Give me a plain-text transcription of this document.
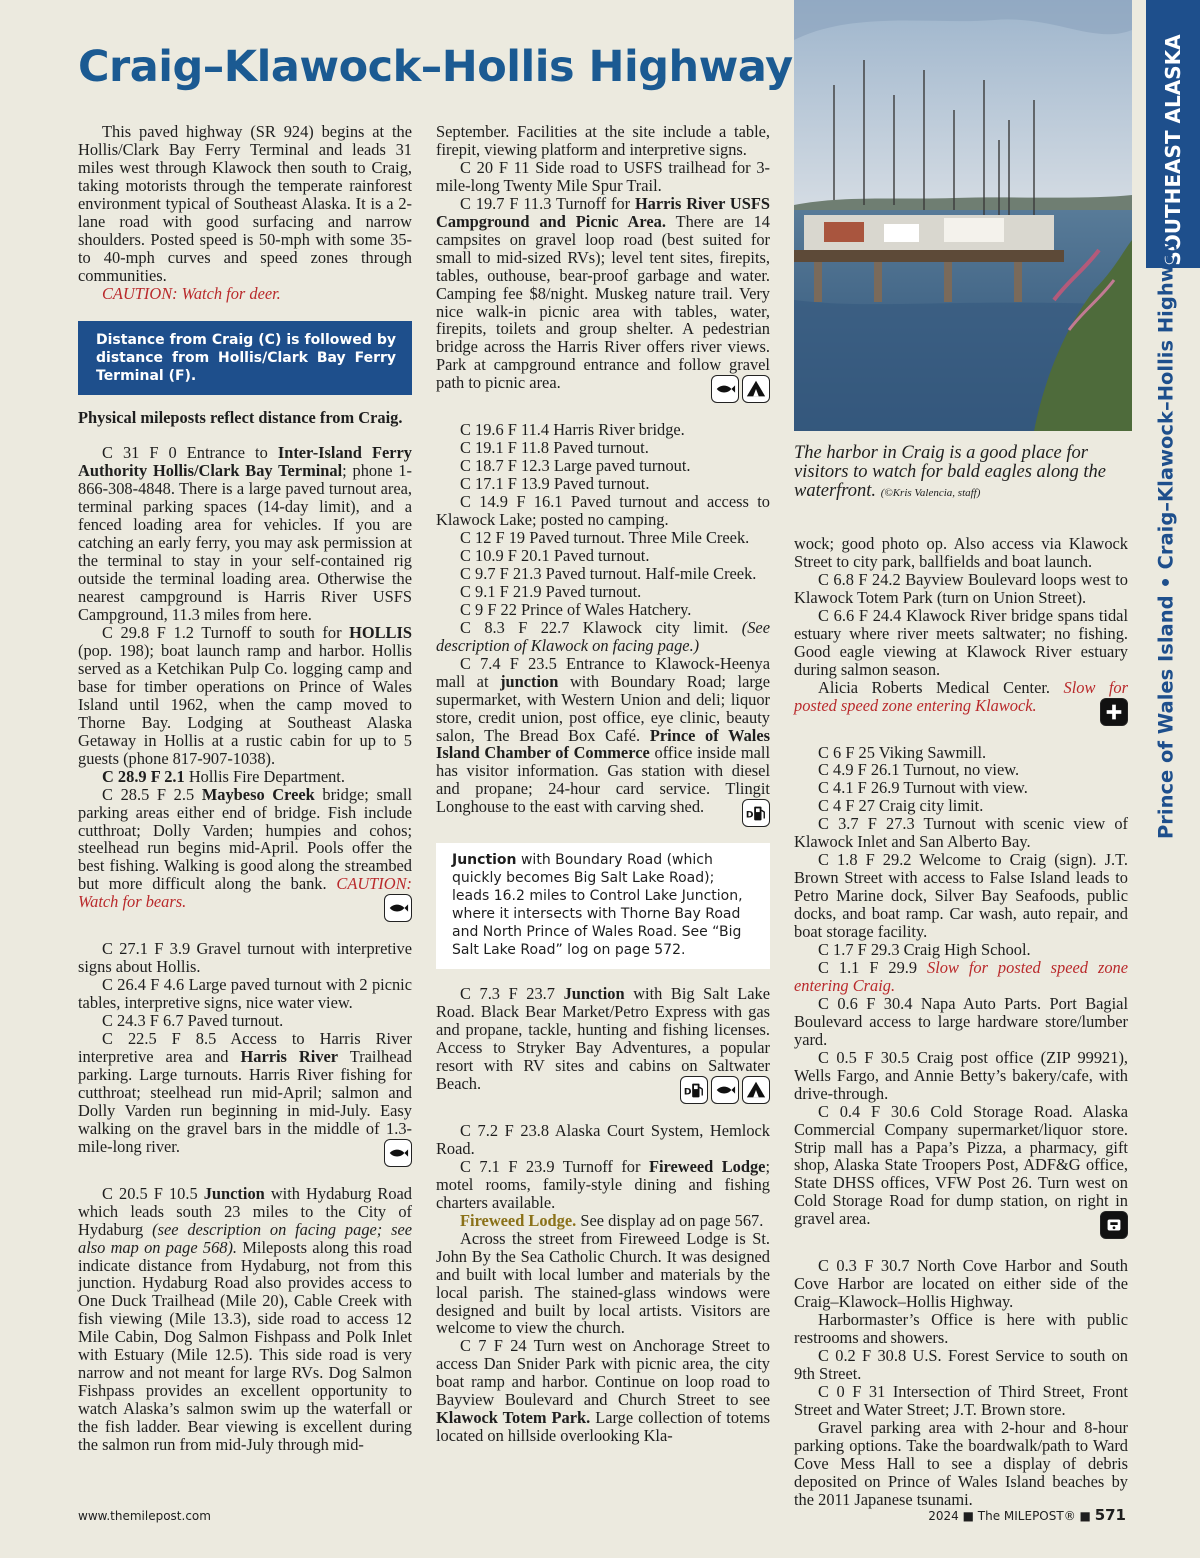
Craig–Klawock–Hollis Highway
The harbor in Craig is a good place for visitors to watch for bald eagles along the waterfront. (©Kris Valencia, staff)
SOUTHEAST ALASKA
Prince of Wales Island • Craig–Klawock–Hollis Highway

This paved highway (SR 924) begins at the Hollis/Clark Bay Ferry Terminal and leads 31 miles west through Klawock then south to Craig, taking motorists through the temperate rainforest environment typical of Southeast Alaska. It is a 2-lane road with good surfacing and narrow shoulders. Posted speed is 50-mph with some 35- to 40-mph curves and speed zones through communities.

CAUTION: Watch for deer.

Distance from Craig (C) is followed by distance from Hollis/Clark Bay Ferry Terminal (F).

Physical mileposts reflect distance from Craig.

C 31 F 0 Entrance to Inter-Island Ferry Authority Hollis/Clark Bay Terminal; phone 1-866-308-4848. There is a large paved turnout area, terminal parking spaces (14-day limit), and a fenced loading area for vehicles. If you are catching an early ferry, you may ask permission at the terminal to stay in your self-contained rig outside the terminal loading area. Otherwise the nearest campground is Harris River USFS Campground, 11.3 miles from here.

C 29.8 F 1.2 Turnoff to south for HOLLIS (pop. 198); boat launch ramp and harbor. Hollis served as a Ketchikan Pulp Co. logging camp and base for timber operations on Prince of Wales Island until 1962, when the camp moved to Thorne Bay. Lodging at Southeast Alaska Getaway in Hollis at a rustic cabin for up to 5 guests (phone 817-907-1038).

C 28.9 F 2.1 Hollis Fire Department.

C 28.5 F 2.5 Maybeso Creek bridge; small parking areas either end of bridge. Fish include cutthroat; Dolly Varden; humpies and cohos; steelhead run begins mid-April. Pools offer the best fishing. Walking is good along the streambed but more difficult along the bank. CAUTION: Watch for bears.

C 27.1 F 3.9 Gravel turnout with interpretive signs about Hollis.

C 26.4 F 4.6 Large paved turnout with 2 picnic tables, interpretive signs, nice water view.

C 24.3 F 6.7 Paved turnout.

C 22.5 F 8.5 Access to Harris River interpretive area and Harris River Trailhead parking. Large turnouts. Harris River fishing for cutthroat; steelhead run mid-April; salmon and Dolly Varden run beginning in mid-July. Easy walking on the gravel bars in the middle of 1.3-mile-long river.

C 20.5 F 10.5 Junction with Hydaburg Road which leads south 23 miles to the City of Hydaburg (see description on facing page; see also map on page 568). Mileposts along this road indicate distance from Hydaburg, not from this junction. Hydaburg Road also provides access to One Duck Trailhead (Mile 20), Cable Creek with fish viewing (Mile 13.3), side road to access 12 Mile Cabin, Dog Salmon Fishpass and Polk Inlet with Estuary (Mile 12.5). This side road is very narrow and not meant for large RVs. Dog Salmon Fishpass provides an excellent opportunity to watch Alaska’s salmon swim up the waterfall or the fish ladder. Bear viewing is excellent during the salmon run from mid-July through mid-

September. Facilities at the site include a table, firepit, viewing platform and interpretive signs.

C 20 F 11 Side road to USFS trailhead for 3-mile-long Twenty Mile Spur Trail.

C 19.7 F 11.3 Turnoff for Harris River USFS Campground and Picnic Area. There are 14 campsites on gravel loop road (best suited for small to mid-sized RVs); level tent sites, firepits, tables, outhouse, bear-proof garbage and water. Camping fee $8/night. Muskeg nature trail. Very nice walk-in picnic area with tables, water, firepits, toilets and group shelter. A pedestrian bridge across the Harris River offers river views. Park at campground entrance and follow gravel path to picnic area.

C 19.6 F 11.4 Harris River bridge.

C 19.1 F 11.8 Paved turnout.

C 18.7 F 12.3 Large paved turnout.

C 17.1 F 13.9 Paved turnout.

C 14.9 F 16.1 Paved turnout and access to Klawock Lake; posted no camping.

C 12 F 19 Paved turnout. Three Mile Creek.

C 10.9 F 20.1 Paved turnout.

C 9.7 F 21.3 Paved turnout. Half-mile Creek.

C 9.1 F 21.9 Paved turnout.

C 9 F 22 Prince of Wales Hatchery.

C 8.3 F 22.7 Klawock city limit. (See description of Klawock on facing page.)

C 7.4 F 23.5 Entrance to Klawock-Heenya mall at junction with Boundary Road; large supermarket, with Western Union and deli; liquor store, credit union, post office, eye clinic, beauty salon, The Bread Box Café. Prince of Wales Island Chamber of Commerce office inside mall has visitor information. Gas station with diesel and propane; 24-hour card service. Tlingit Longhouse to the east with carving shed.	D
Junction with Boundary Road (which quickly becomes Big Salt Lake Road); leads 16.2 miles to Control Lake Junction, where it intersects with Thorne Bay Road and North Prince of Wales Road. See “Big Salt Lake Road” log on page 572.

C 7.3 F 23.7 Junction with Big Salt Lake Road. Black Bear Market/Petro Express with gas and propane, tackle, hunting and fishing licenses. Access to Stryker Bay Adventures, a popular resort with RV sites and cabins on Saltwater Beach.	D

C 7.2 F 23.8 Alaska Court System, Hemlock Road.

C 7.1 F 23.9 Turnoff for Fireweed Lodge; motel rooms, family-style dining and fishing charters available.

Fireweed Lodge. See display ad on page 567.

Across the street from Fireweed Lodge is St. John By the Sea Catholic Church. It was designed and built with local lumber and materials by the local parish. The stained-glass windows were designed and built by local artists. Visitors are welcome to view the church.

C 7 F 24 Turn west on Anchorage Street to access Dan Snider Park with picnic area, the city boat ramp and harbor. Continue on loop road to Bayview Boulevard and Church Street to see Klawock Totem Park. Large collection of totems located on hillside overlooking Kla-

wock; good photo op. Also access via Klawock Street to city park, ballfields and boat launch.

C 6.8 F 24.2 Bayview Boulevard loops west to Klawock Totem Park (turn on Union Street).

C 6.6 F 24.4 Klawock River bridge spans tidal estuary where river meets saltwater; no fishing. Good eagle viewing at Klawock River estuary during salmon season.

Alicia Roberts Medical Center. Slow for posted speed zone entering Klawock.

C 6 F 25 Viking Sawmill.

C 4.9 F 26.1 Turnout, no view.

C 4.1 F 26.9 Turnout with view.

C 4 F 27 Craig city limit.

C 3.7 F 27.3 Turnout with scenic view of Klawock Inlet and San Alberto Bay.

C 1.8 F 29.2 Welcome to Craig (sign). J.T. Brown Street with access to False Island leads to Petro Marine dock, Silver Bay Seafoods, public docks, and boat ramp. Car wash, auto repair, and boat storage facility.

C 1.7 F 29.3 Craig High School.

C 1.1 F 29.9 Slow for posted speed zone entering Craig.

C 0.6 F 30.4 Napa Auto Parts. Port Bagial Boulevard access to large hardware store/lumber yard.

C 0.5 F 30.5 Craig post office (ZIP 99921), Wells Fargo, and Annie Betty’s bakery/cafe, with drive-through.

C 0.4 F 30.6 Cold Storage Road. Alaska Commercial Company supermarket/liquor store. Strip mall has a Papa’s Pizza, a pharmacy, gift shop, Alaska State Troopers Post, ADF&G office, State DHSS offices, VFW Post 26. Turn west on Cold Storage Road for dump station, on right in gravel area.

C 0.3 F 30.7 North Cove Harbor and South Cove Harbor are located on either side of the Craig–Klawock–Hollis Highway.

Harbormaster’s Office is here with public restrooms and showers.

C 0.2 F 30.8 U.S. Forest Service to south on 9th Street.

C 0 F 31 Intersection of Third Street, Front Street and Water Street; J.T. Brown store.

Gravel parking area with 2-hour and 8-hour parking options. Take the boardwalk/path to Ward Cove Mess Hall to see a display of debris deposited on Prince of Wales Island beaches by the 2011 Japanese tsunami.

www.themilepost.com	2024 ■ The MILEPOST® ■ 571
